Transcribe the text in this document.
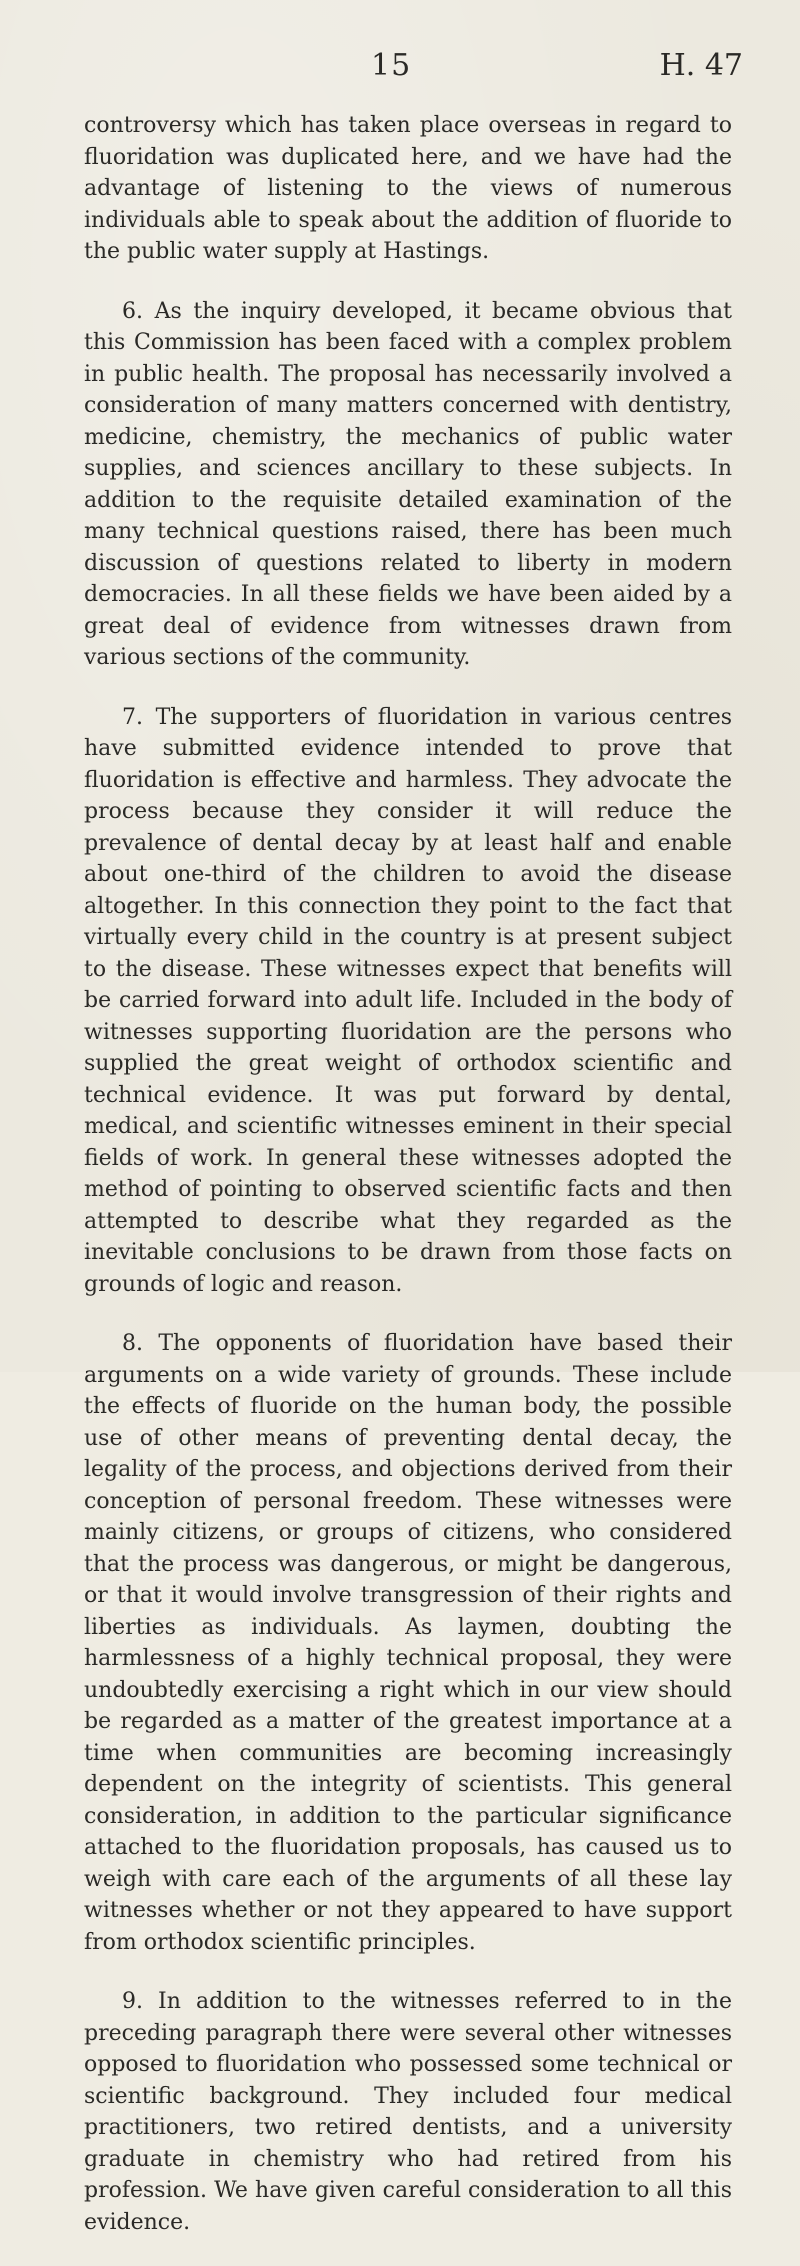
15	H. 47

controversy which has taken place overseas in regard to fluoridation was duplicated here, and we have had the advantage of listening to the views of numerous individuals able to speak about the addition of fluoride to the public water supply at Hastings.

6. As the inquiry developed, it became obvious that this Commission has been faced with a complex problem in public health. The proposal has necessarily involved a consideration of many matters concerned with dentistry, medicine, chemistry, the mechanics of public water supplies, and sciences ancillary to these subjects. In addition to the requisite detailed examination of the many technical questions raised, there has been much discussion of questions related to liberty in modern democracies. In all these fields we have been aided by a great deal of evidence from witnesses drawn from various sections of the community.

7. The supporters of fluoridation in various centres have submitted evidence intended to prove that fluoridation is effective and harmless. They advocate the process because they consider it will reduce the prevalence of dental decay by at least half and enable about one-third of the children to avoid the disease altogether. In this connection they point to the fact that virtually every child in the country is at present subject to the disease. These witnesses expect that benefits will be carried forward into adult life. Included in the body of witnesses supporting fluoridation are the persons who supplied the great weight of orthodox scientific and technical evidence. It was put forward by dental, medical, and scientific witnesses eminent in their special fields of work. In general these witnesses adopted the method of pointing to observed scientific facts and then attempted to describe what they regarded as the inevitable conclusions to be drawn from those facts on grounds of logic and reason.

8. The opponents of fluoridation have based their arguments on a wide variety of grounds. These include the effects of fluoride on the human body, the possible use of other means of preventing dental decay, the legality of the process, and objections derived from their conception of personal freedom. These witnesses were mainly citizens, or groups of citizens, who considered that the process was dangerous, or might be dangerous, or that it would involve transgression of their rights and liberties as individuals. As laymen, doubting the harmlessness of a highly technical proposal, they were undoubtedly exercising a right which in our view should be regarded as a matter of the greatest importance at a time when communities are becoming increasingly dependent on the integrity of scientists. This general consideration, in addition to the particular significance attached to the fluoridation proposals, has caused us to weigh with care each of the arguments of all these lay witnesses whether or not they appeared to have support from orthodox scientific principles.

9. In addition to the witnesses referred to in the preceding paragraph there were several other witnesses opposed to fluoridation who possessed some technical or scientific background. They included four medical practitioners, two retired dentists, and a university graduate in chemistry who had retired from his profession. We have given careful consideration to all this evidence.
